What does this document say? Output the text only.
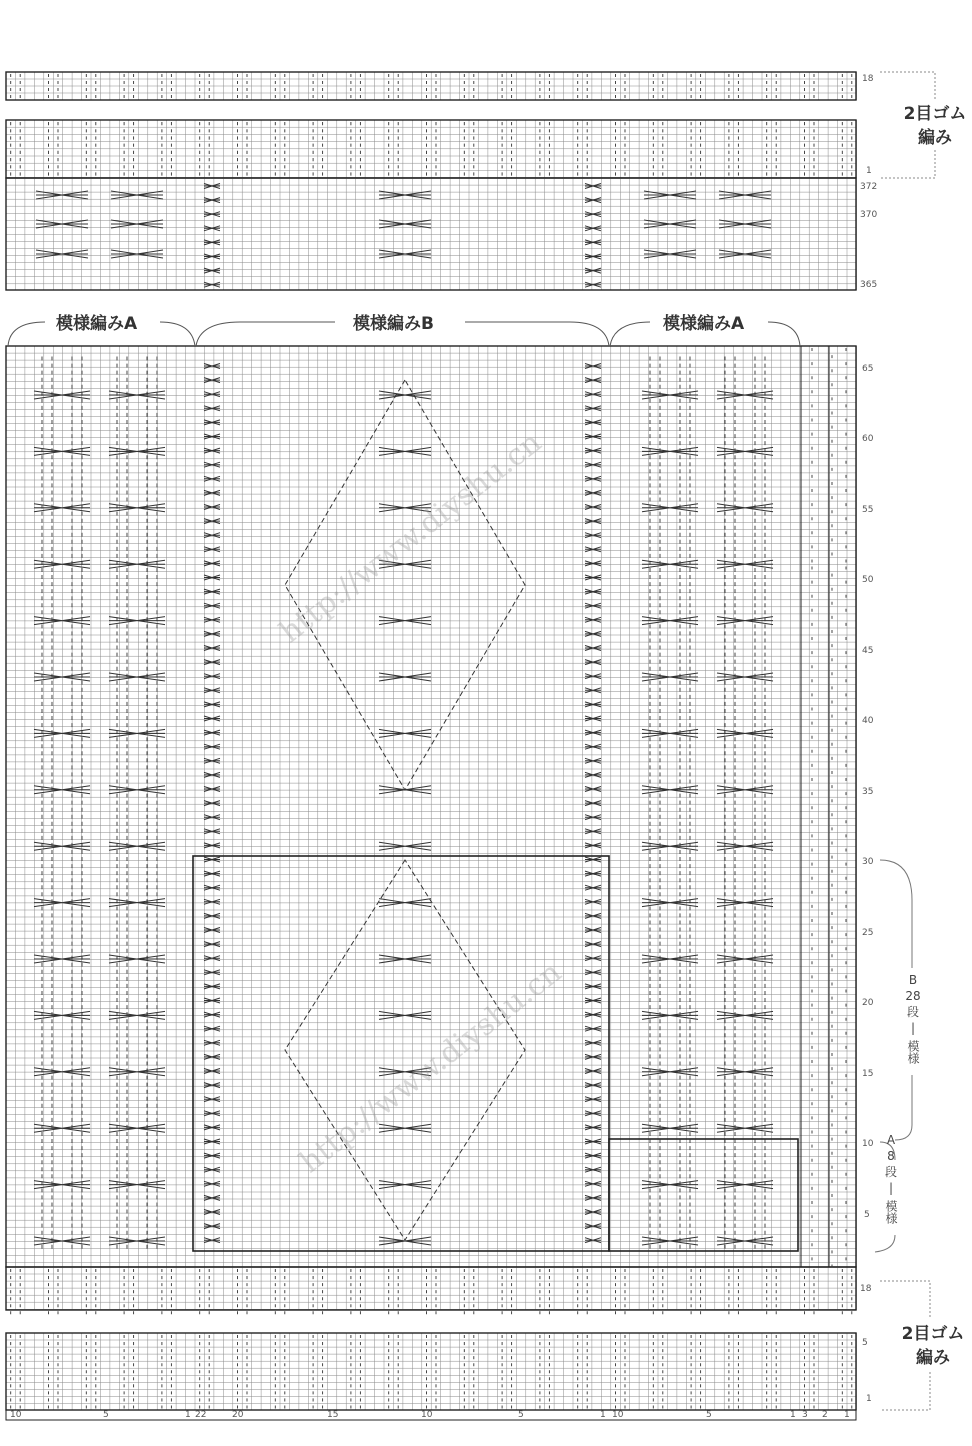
模様編みA	模様編みB	模様編みA
2目ゴム
編み
2目ゴム
編み
B
28
段
|
模様
A
8
段
|
模様
18
1
372
370
365
65
60
55
50
45
40
35
30
25
20
15
10
5
18
5
1
10	5	1 22	20	15	10	5	1 10	5	1 3 2 1
http://www.diyshu.cn
http://www.diyshu.cn
